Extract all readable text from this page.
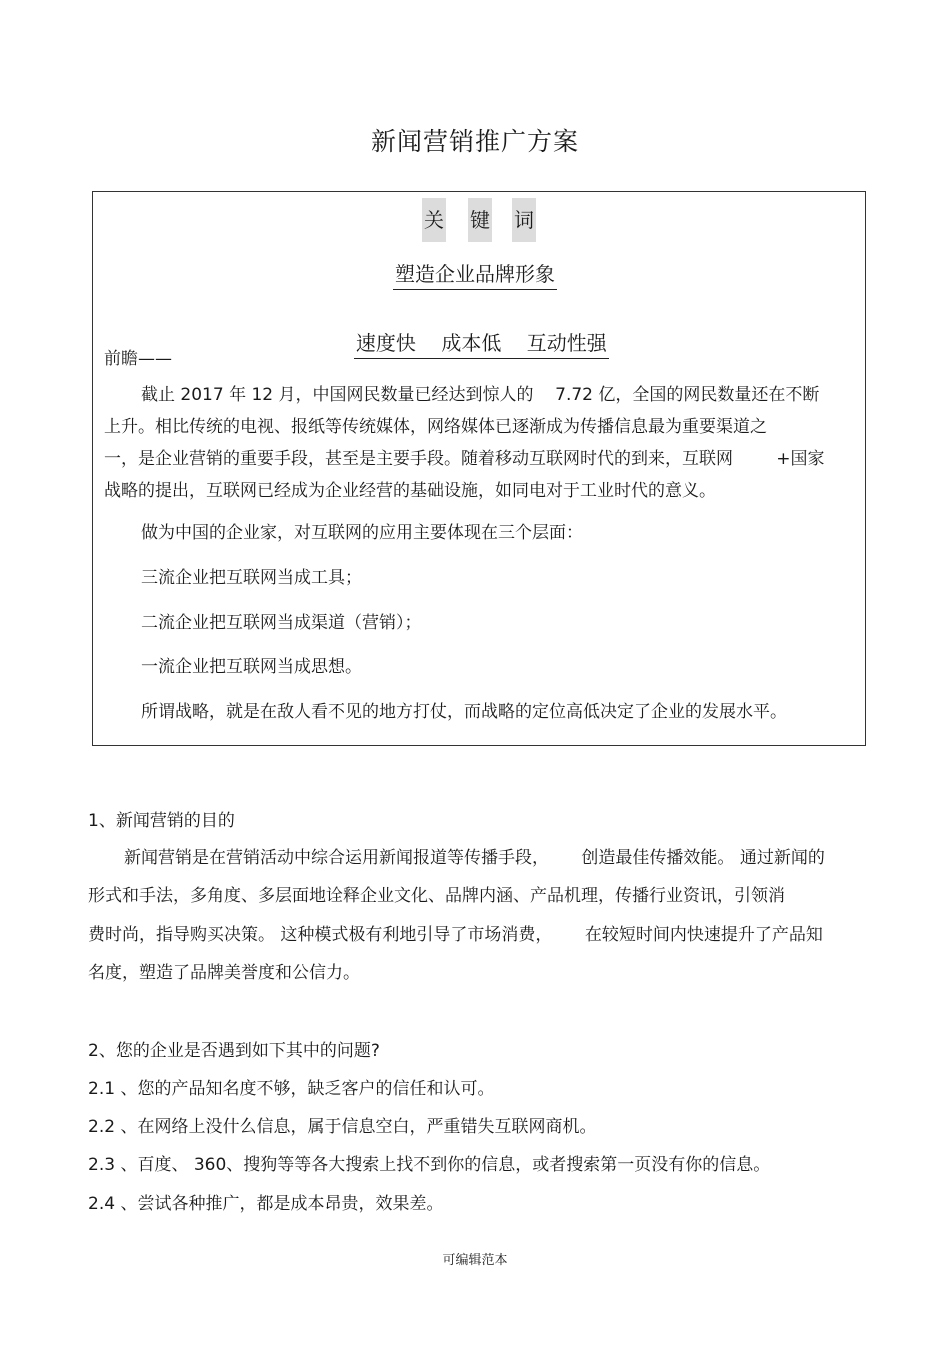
新闻营销推广方案
关 键 词
塑造企业品牌形象

速度快    成本低    互动性强

前瞻——
截止 2017 年 12 月，中国网民数量已经达到惊人的    7.72 亿，全国的网民数量还在不断
上升。相比传统的电视、报纸等传统媒体，网络媒体已逐渐成为传播信息最为重要渠道之
一，是企业营销的重要手段，甚至是主要手段。随着移动互联网时代的到来，互联网        +国家
战略的提出，互联网已经成为企业经营的基础设施，如同电对于工业时代的意义。
做为中国的企业家，对互联网的应用主要体现在三个层面：
三流企业把互联网当成工具；
二流企业把互联网当成渠道（营销）；
一流企业把互联网当成思想。
所谓战略，就是在敌人看不见的地方打仗，而战略的定位高低决定了企业的发展水平。
1、新闻营销的目的
新闻营销是在营销活动中综合运用新闻报道等传播手段，      创造最佳传播效能。 通过新闻的
形式和手法，多角度、多层面地诠释企业文化、品牌内涵、产品机理，传播行业资讯，引领消
费时尚，指导购买决策。 这种模式极有利地引导了市场消费，      在较短时间内快速提升了产品知
名度，塑造了品牌美誉度和公信力。
2、您的企业是否遇到如下其中的问题?
2.1 、您的产品知名度不够，缺乏客户的信任和认可。
2.2 、在网络上没什么信息，属于信息空白，严重错失互联网商机。
2.3 、百度、 360、搜狗等等各大搜索上找不到你的信息，或者搜索第一页没有你的信息。
2.4 、尝试各种推广，都是成本昂贵，效果差。
可编辑范本
